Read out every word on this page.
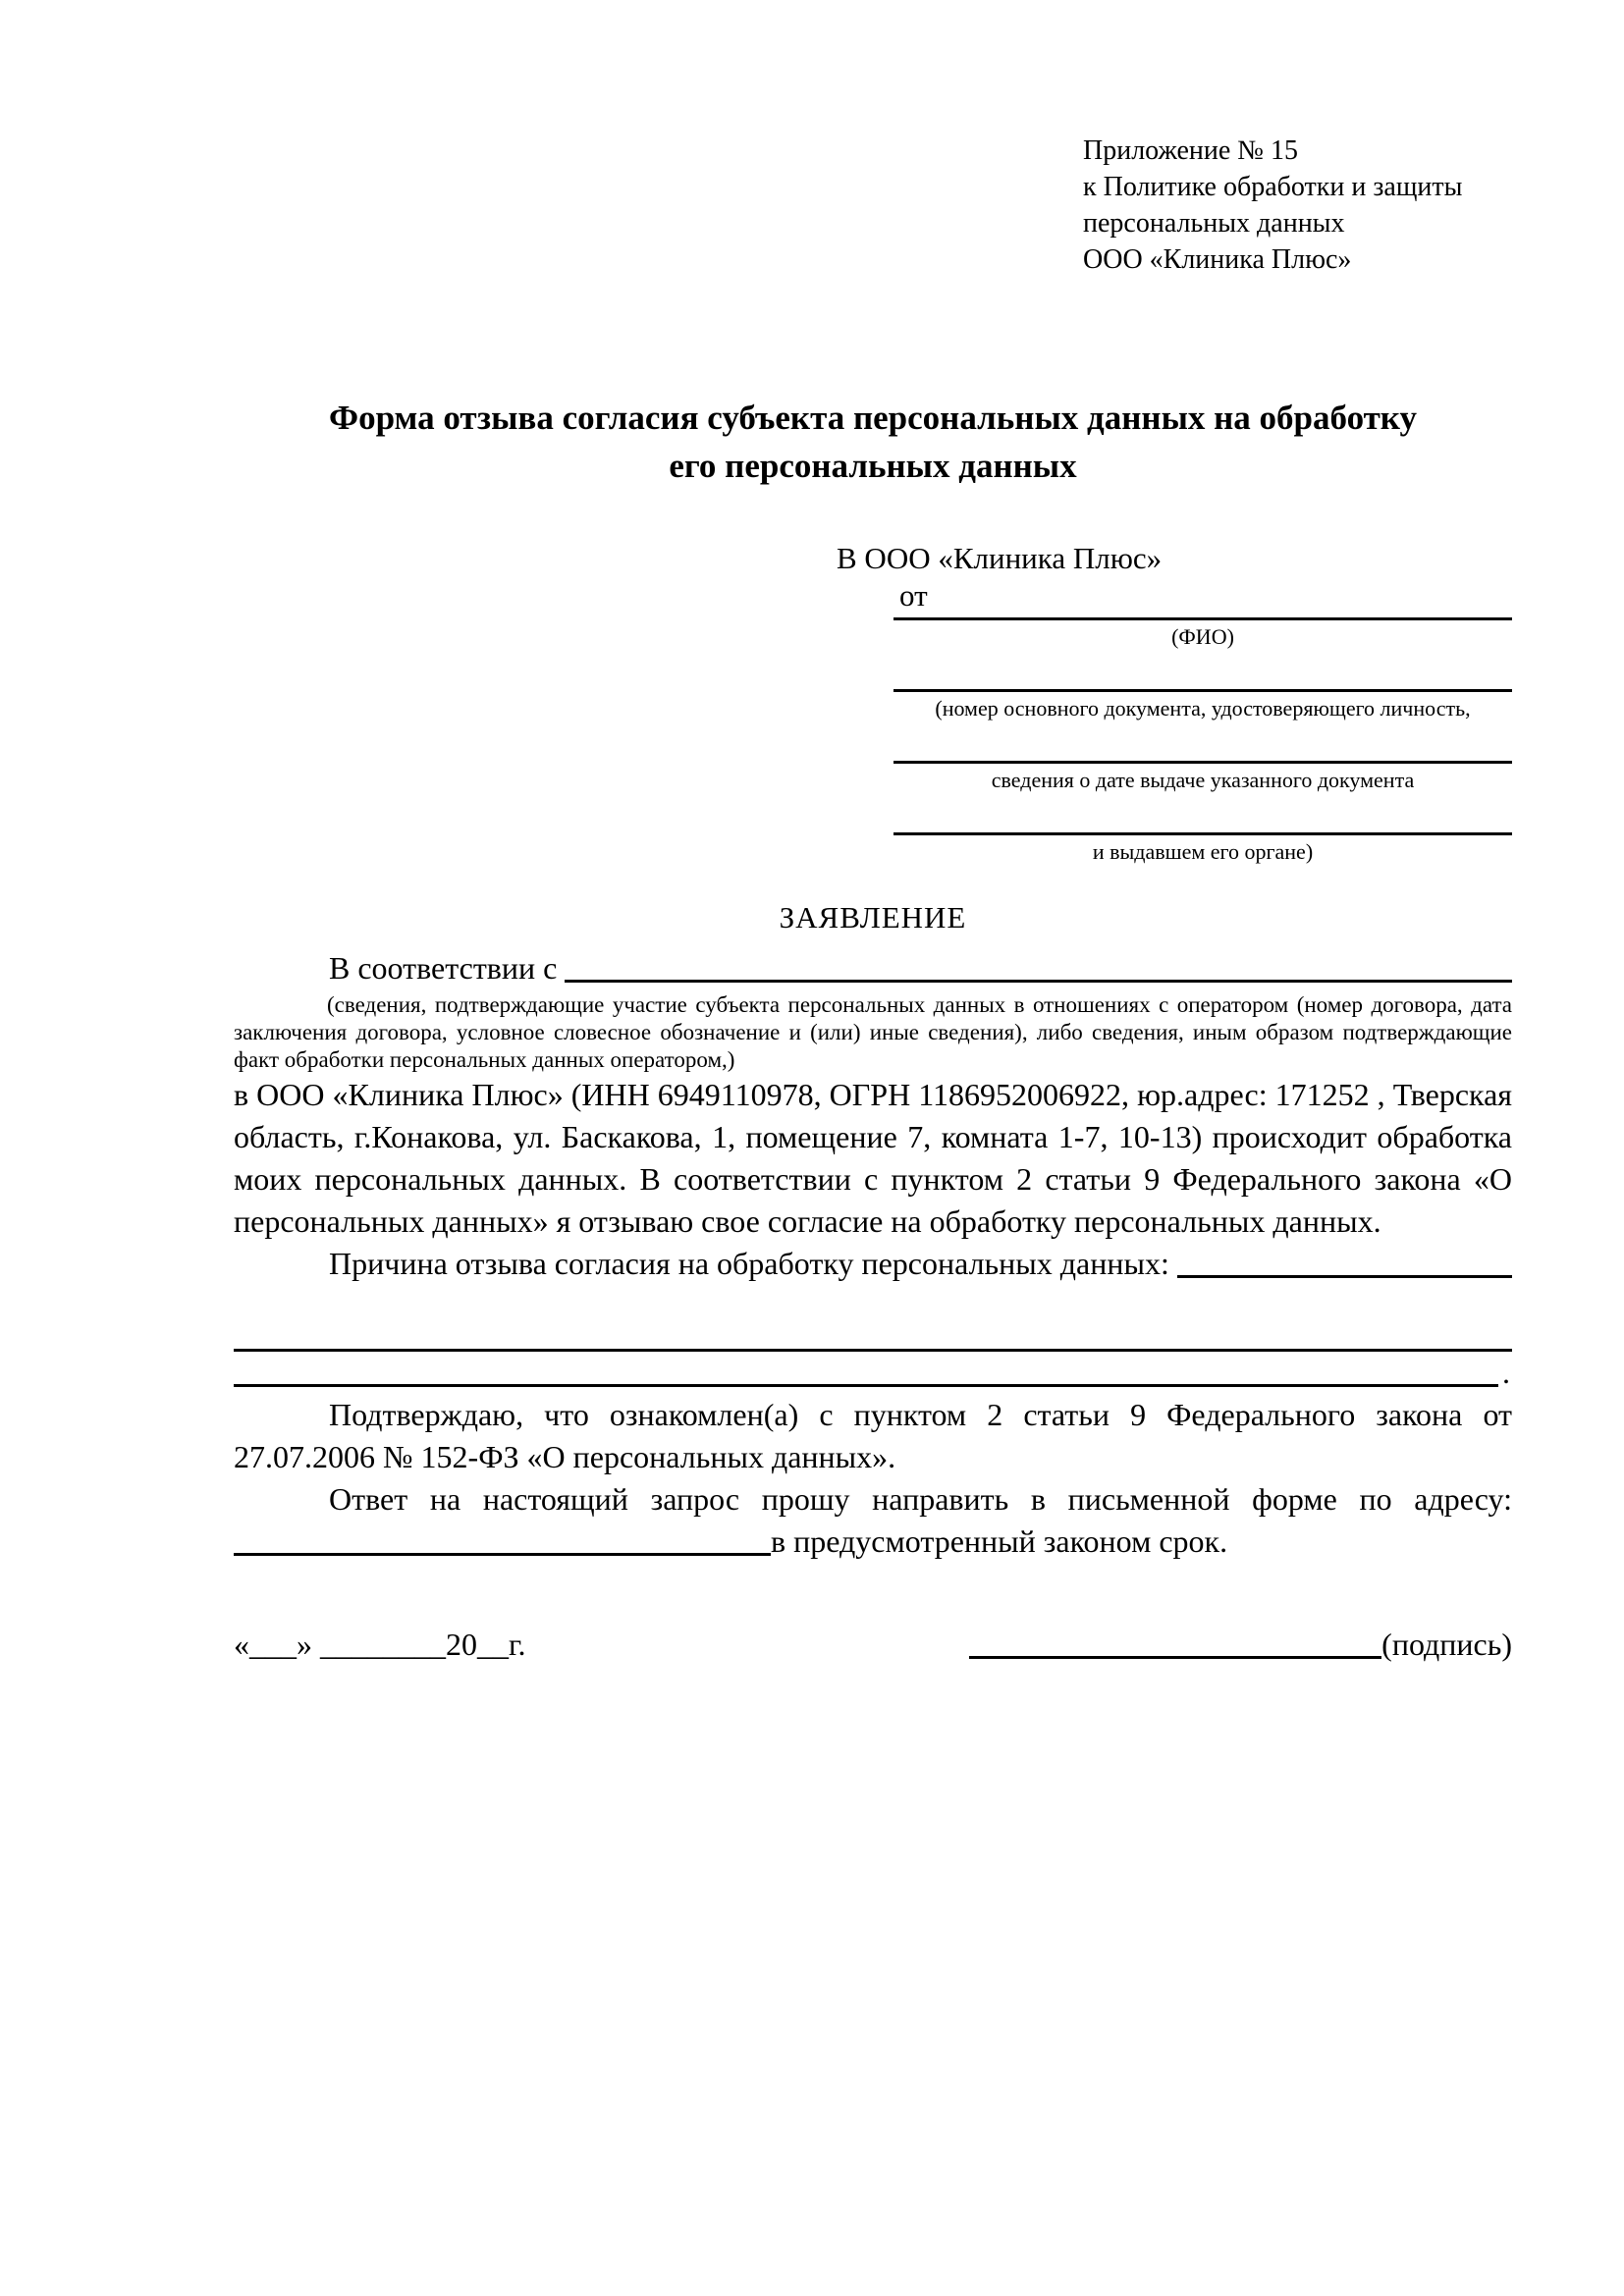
Приложение № 15
к Политике обработки и защиты
персональных данных
ООО «Клиника Плюс»
Форма отзыва согласия субъекта персональных данных на обработку
его персональных данных
В ООО «Клиника Плюс»
от
(ФИО)
(номер основного документа, удостоверяющего личность,
сведения о дате выдаче указанного документа
и выдавшем его органе)
ЗАЯВЛЕНИЕ
В соответствии с

(сведения, подтверждающие участие субъекта персональных данных в отношениях с оператором (номер договора, дата заключения договора, условное словесное обозначение и (или) иные сведения), либо сведения, иным образом подтверждающие факт обработки персональных данных оператором,)

в ООО «Клиника Плюс» (ИНН 6949110978, ОГРН 1186952006922, юр.адрес: 171252 , Тверская область, г.Конакова, ул. Баскакова, 1, помещение 7, комната 1-7, 10-13) происходит обработка моих персональных данных. В соответствии с пунктом 2 статьи 9 Федерального закона «О персональных данных» я отзываю свое согласие на обработку персональных данных.

Причина отзыва согласия на обработку персональных данных:
.

Подтверждаю, что ознакомлен(а) с пунктом 2 статьи 9 Федерального закона от 27.07.2006 № 152-ФЗ «О персональных данных».

Ответ на настоящий запрос прошу направить в письменной форме по адресу:

в предусмотренный законом срок.
«___» ________20__г.	(подпись)
